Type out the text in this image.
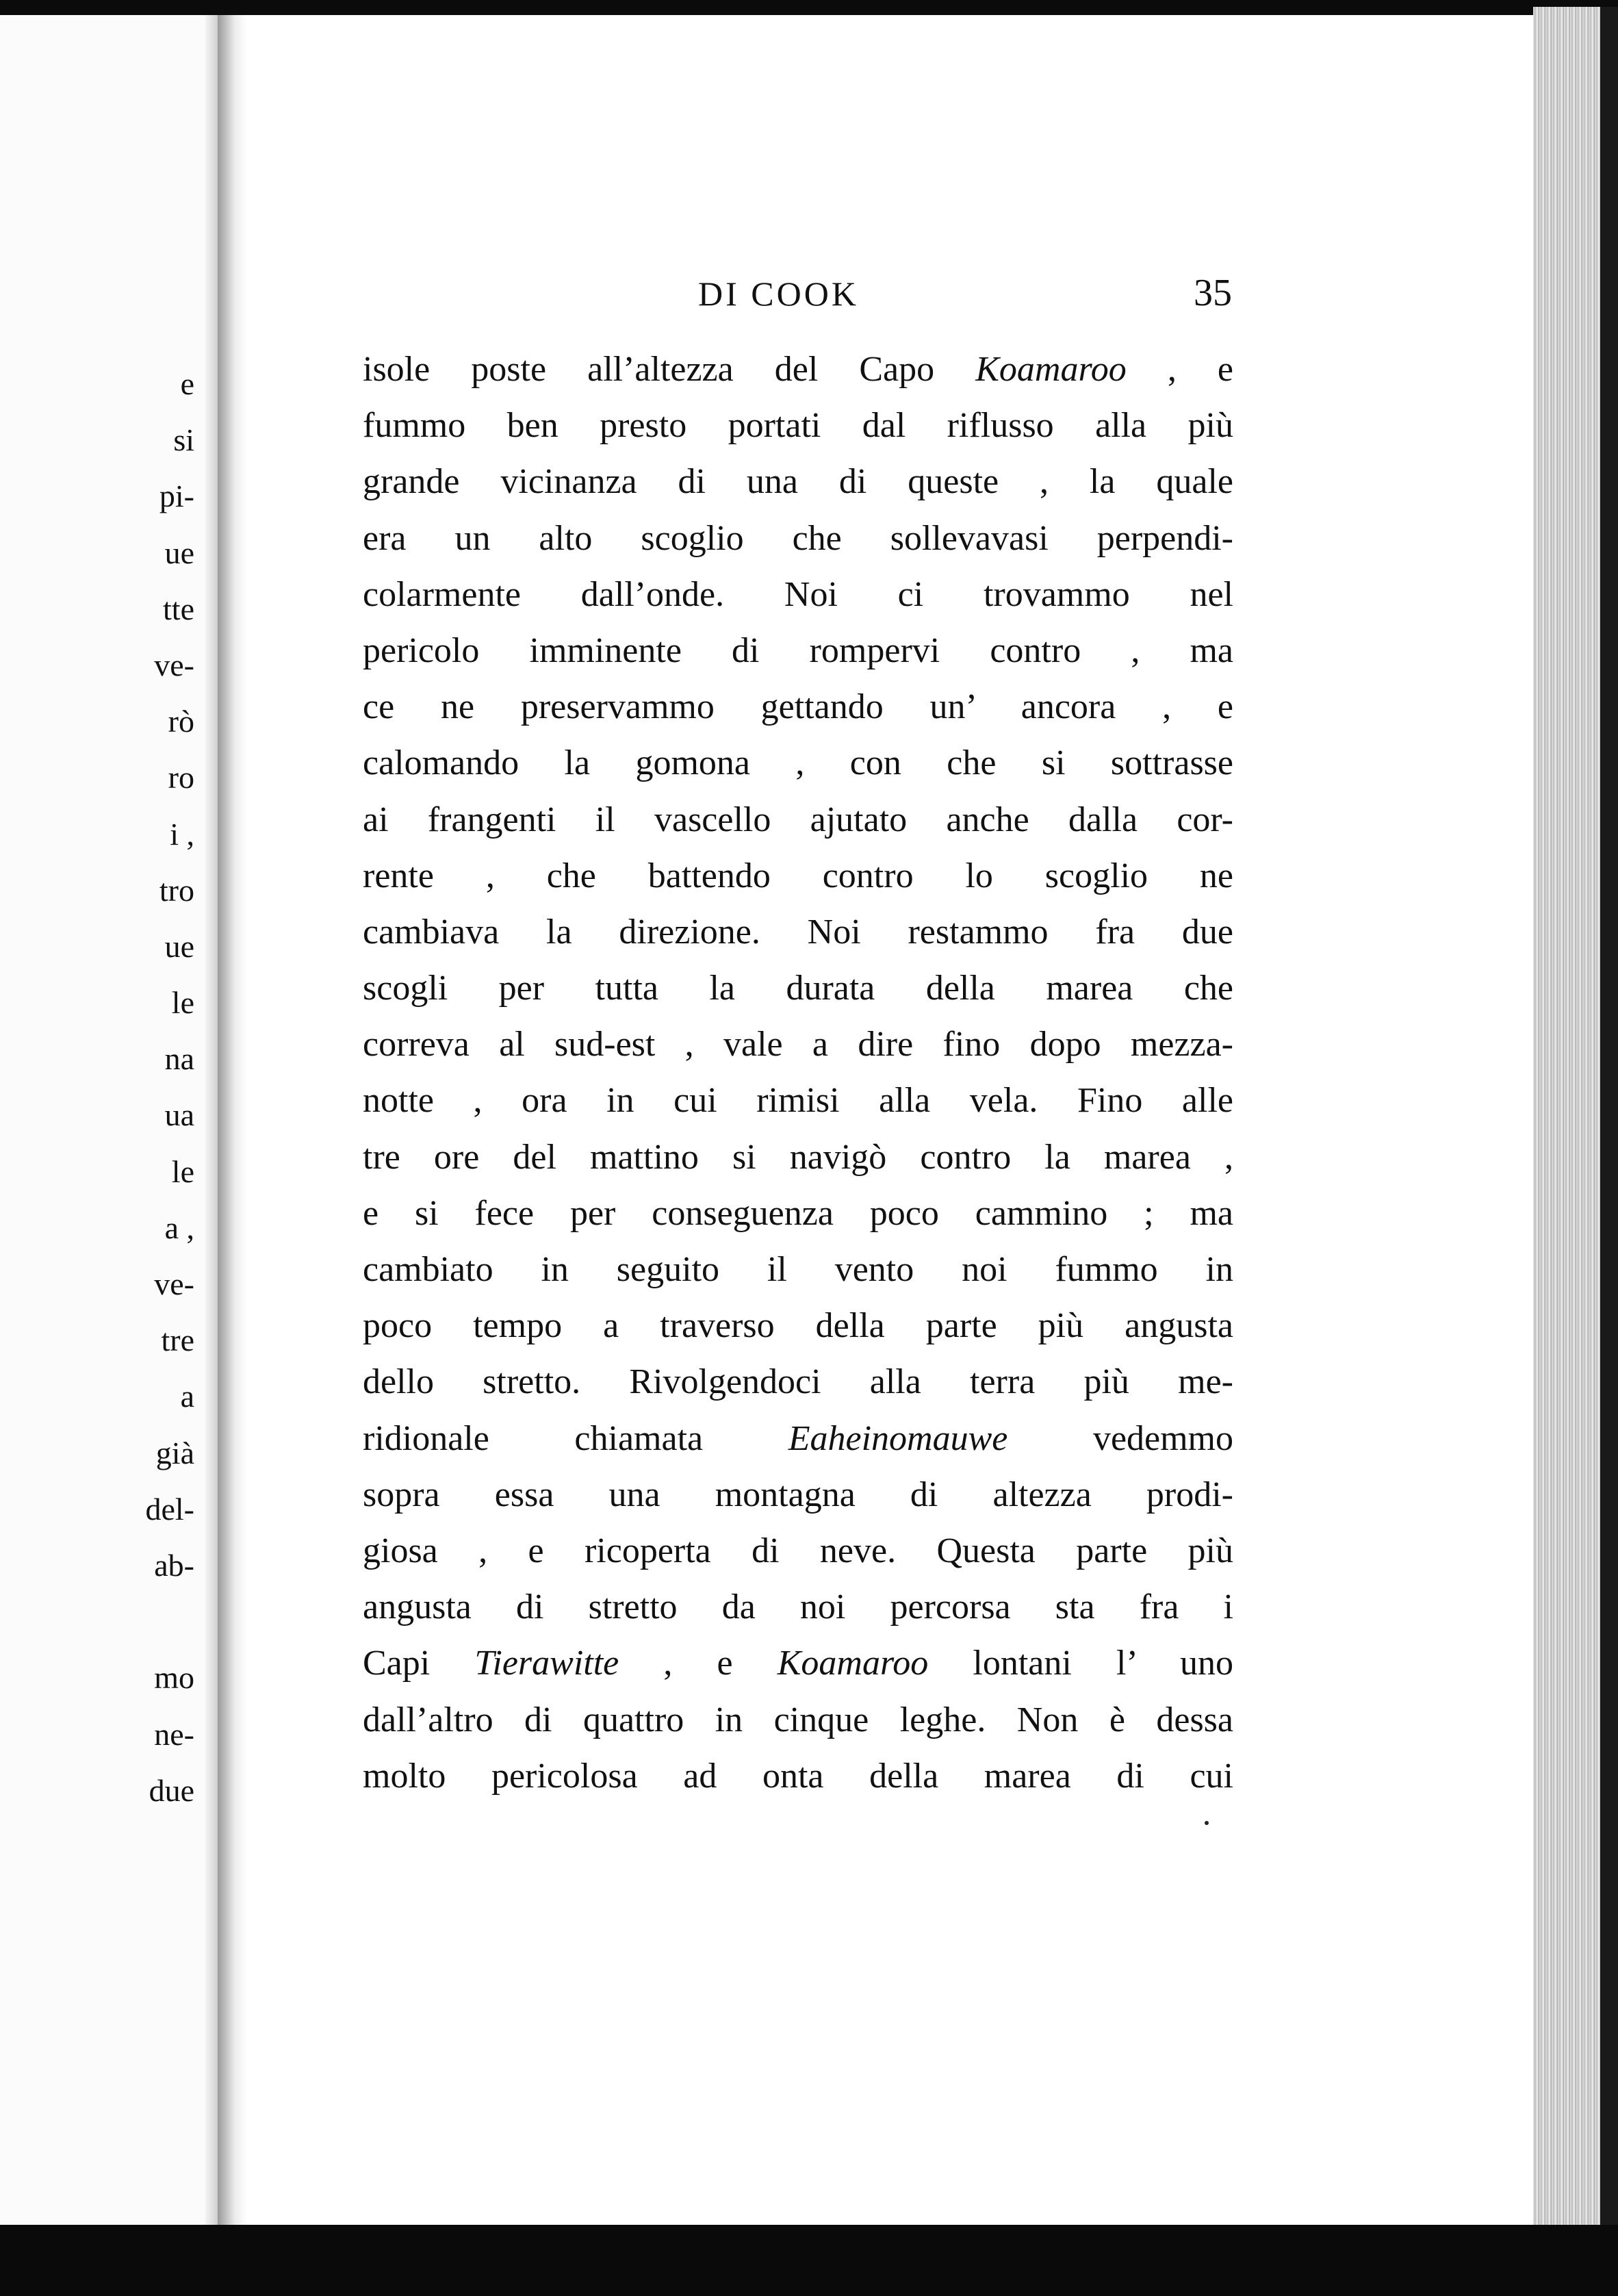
e
si
pi-
ue
tte
ve-
rò
ro
i ,
tro
ue
le
na
ua
le
a ,
ve-
tre
a
già
del-
ab-
mo
ne-
due
DI COOK	35
isole poste all’altezza del Capo Koamaroo , e
fummo ben presto portati dal riflusso alla più
grande vicinanza di una di queste , la quale
era un alto scoglio che sollevavasi perpendi-
colarmente dall’onde. Noi ci trovammo nel
pericolo imminente di rompervi contro , ma
ce ne preservammo gettando un’ ancora , e
calomando la gomona , con che si sottrasse
ai frangenti il vascello ajutato anche dalla cor-
rente , che battendo contro lo scoglio ne
cambiava la direzione. Noi restammo fra due
scogli per tutta la durata della marea che
correva al sud-est , vale a dire fino dopo mezza-
notte , ora in cui rimisi alla vela. Fino alle
tre ore del mattino si navigò contro la marea ,
e si fece per conseguenza poco cammino ; ma
cambiato in seguito il vento noi fummo in
poco tempo a traverso della parte più angusta
dello stretto. Rivolgendoci alla terra più me-
ridionale chiamata Eaheinomauwe vedemmo
sopra essa una montagna di altezza prodi-
giosa , e ricoperta di neve. Questa parte più
angusta di stretto da noi percorsa sta fra i
Capi Tierawitte , e Koamaroo lontani l’ uno
dall’altro di quattro in cinque leghe. Non è dessa
molto pericolosa ad onta della marea di cui
